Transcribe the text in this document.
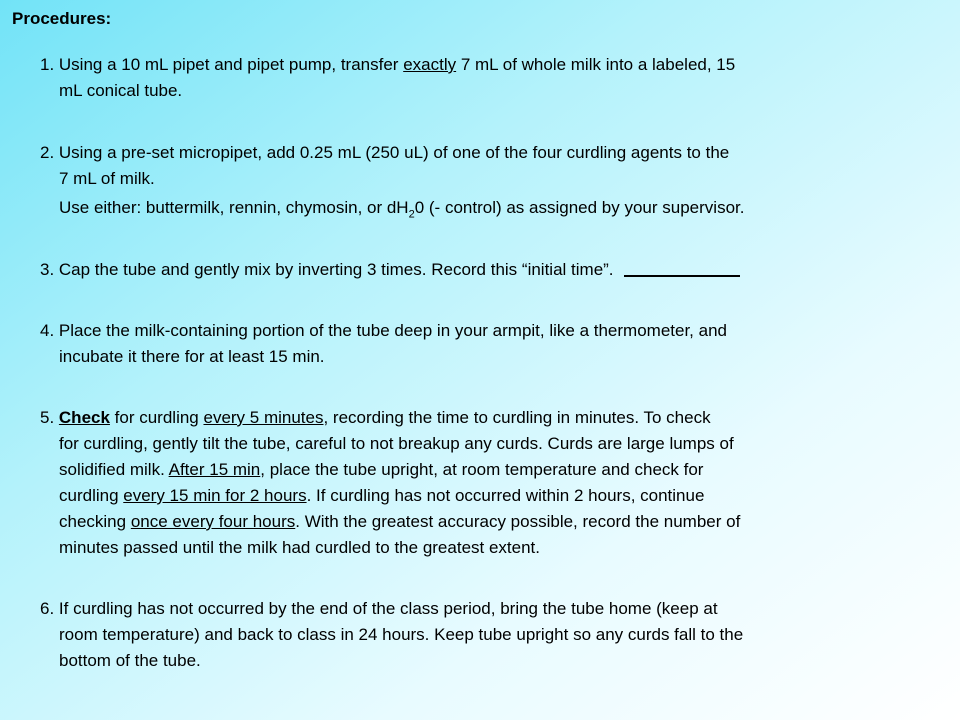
Procedures:
1. Using a 10 mL pipet and pipet pump, transfer exactly 7 mL of whole milk into a labeled, 15
mL conical tube.
2. Using a pre-set micropipet, add 0.25 mL (250 uL) of one of the four curdling agents to the
7 mL of milk.
Use either: buttermilk, rennin, chymosin, or $dH_20$ (- control) as assigned by your supervisor.
3. Cap the tube and gently mix by inverting 3 times. Record this “initial time”.
4. Place the milk-containing portion of the tube deep in your armpit, like a thermometer, and
incubate it there for at least 15 min.
5. Check for curdling every 5 minutes, recording the time to curdling in minutes. To check
for curdling, gently tilt the tube, careful to not breakup any curds. Curds are large lumps of
solidified milk. After 15 min, place the tube upright, at room temperature and check for
curdling every 15 min for 2 hours. If curdling has not occurred within 2 hours, continue
checking once every four hours. With the greatest accuracy possible, record the number of
minutes passed until the milk had curdled to the greatest extent.
6. If curdling has not occurred by the end of the class period, bring the tube home (keep at
room temperature) and back to class in 24 hours. Keep tube upright so any curds fall to the
bottom of the tube.
